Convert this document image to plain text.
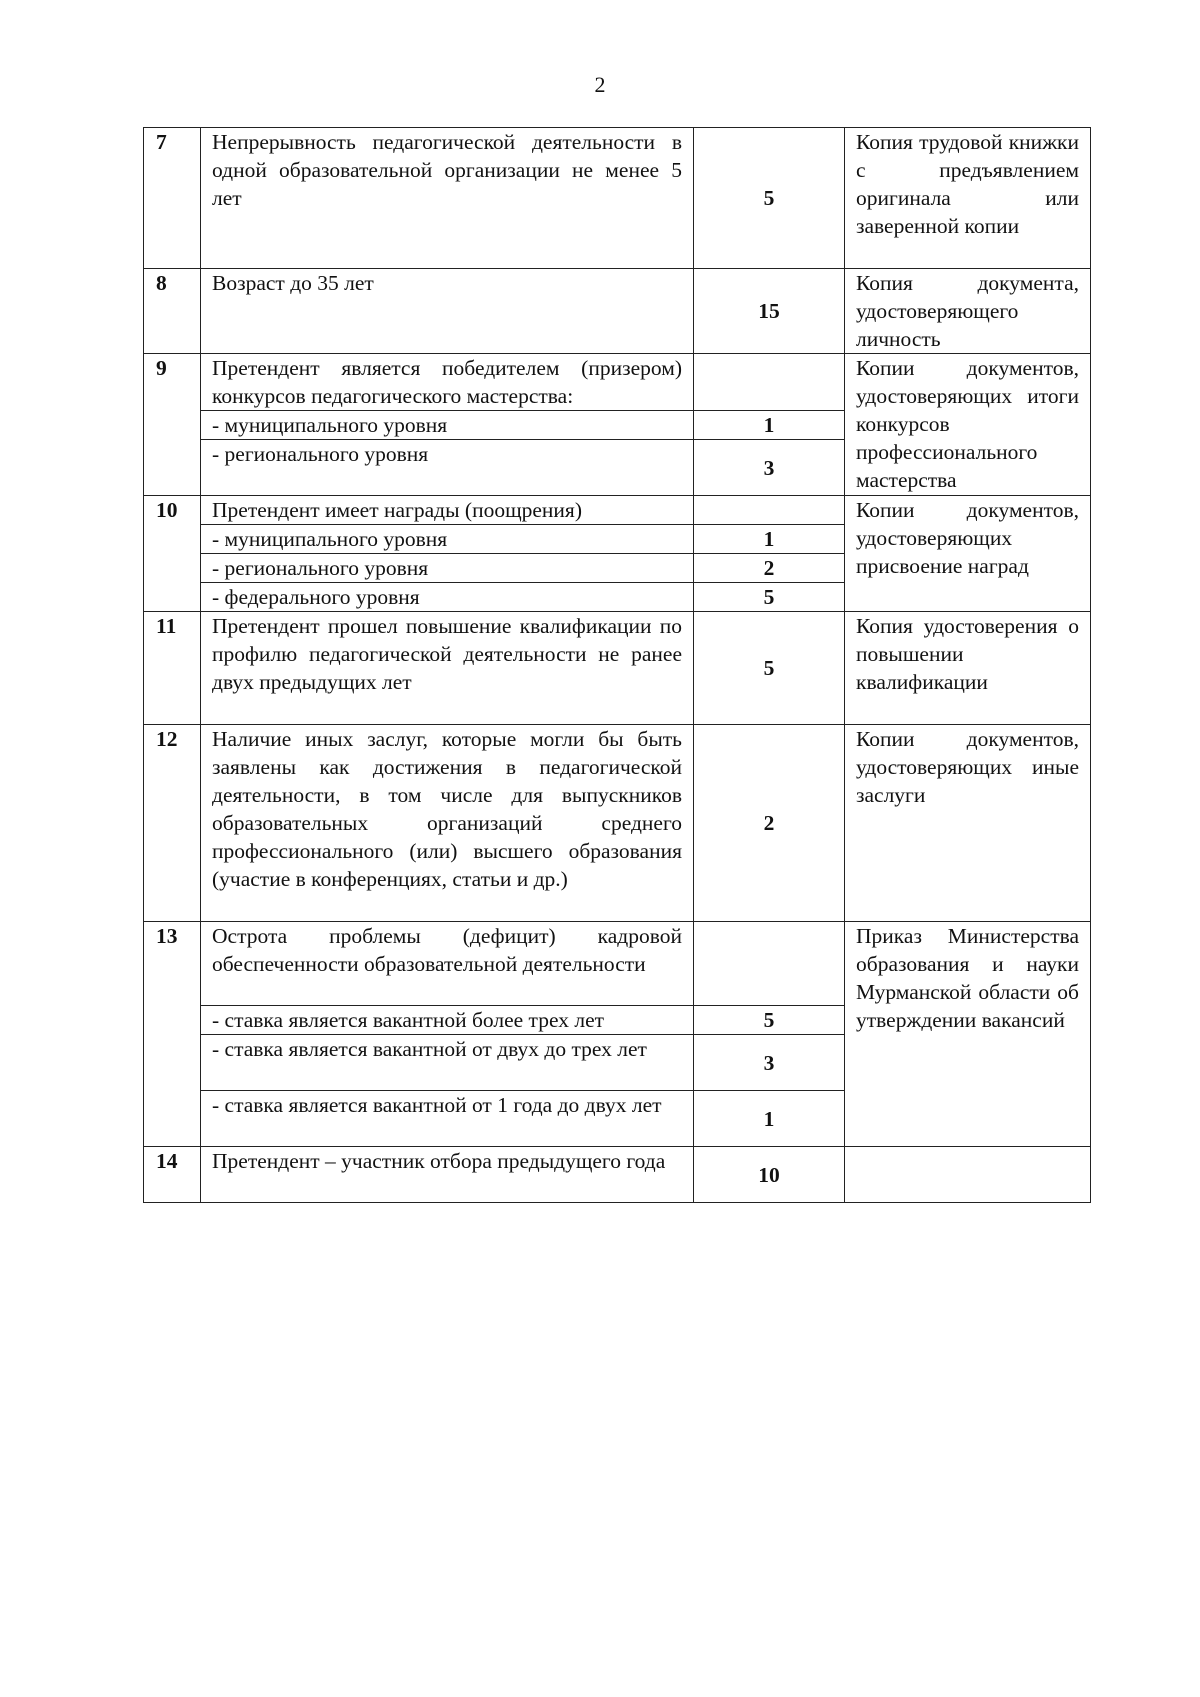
2
7	Непрерывность педагогической деятельности в одной образовательной организации не менее 5 лет	5	Копия трудовой книжки с предъявлением оригинала или заверенной копии
8	Возраст до 35 лет	15	Копия документа, удостоверяющего личность
9	Претендент является победителем (призером) конкурсов педагогического мастерства:		Копии документов, удостоверяющих итоги конкурсов профессионального мастерства
	- муниципального уровня	1	
	- регионального уровня	3	
10	Претендент имеет награды (поощрения)		Копии документов, удостоверяющих присвоение наград
	- муниципального уровня	1	
	- регионального уровня	2	
	- федерального уровня	5	
11	Претендент прошел повышение квалификации по профилю педагогической деятельности не ранее двух предыдущих лет	5	Копия удостоверения о повышении квалификации
12	Наличие иных заслуг, которые могли бы быть заявлены как достижения в педагогической деятельности, в том числе для выпускников образовательных организаций среднего профессионального (или) высшего образования (участие в конференциях, статьи и др.)	2	Копии документов, удостоверяющих иные заслуги
13	Острота проблемы (дефицит) кадровой обеспеченности образовательной деятельности		Приказ Министерства образования и науки Мурманской области об утверждении вакансий
	- ставка является вакантной более трех лет	5	
	- ставка является вакантной от двух до трех лет	3	
	- ставка является вакантной от 1 года до двух лет	1	
14	Претендент – участник отбора предыдущего года	10	
